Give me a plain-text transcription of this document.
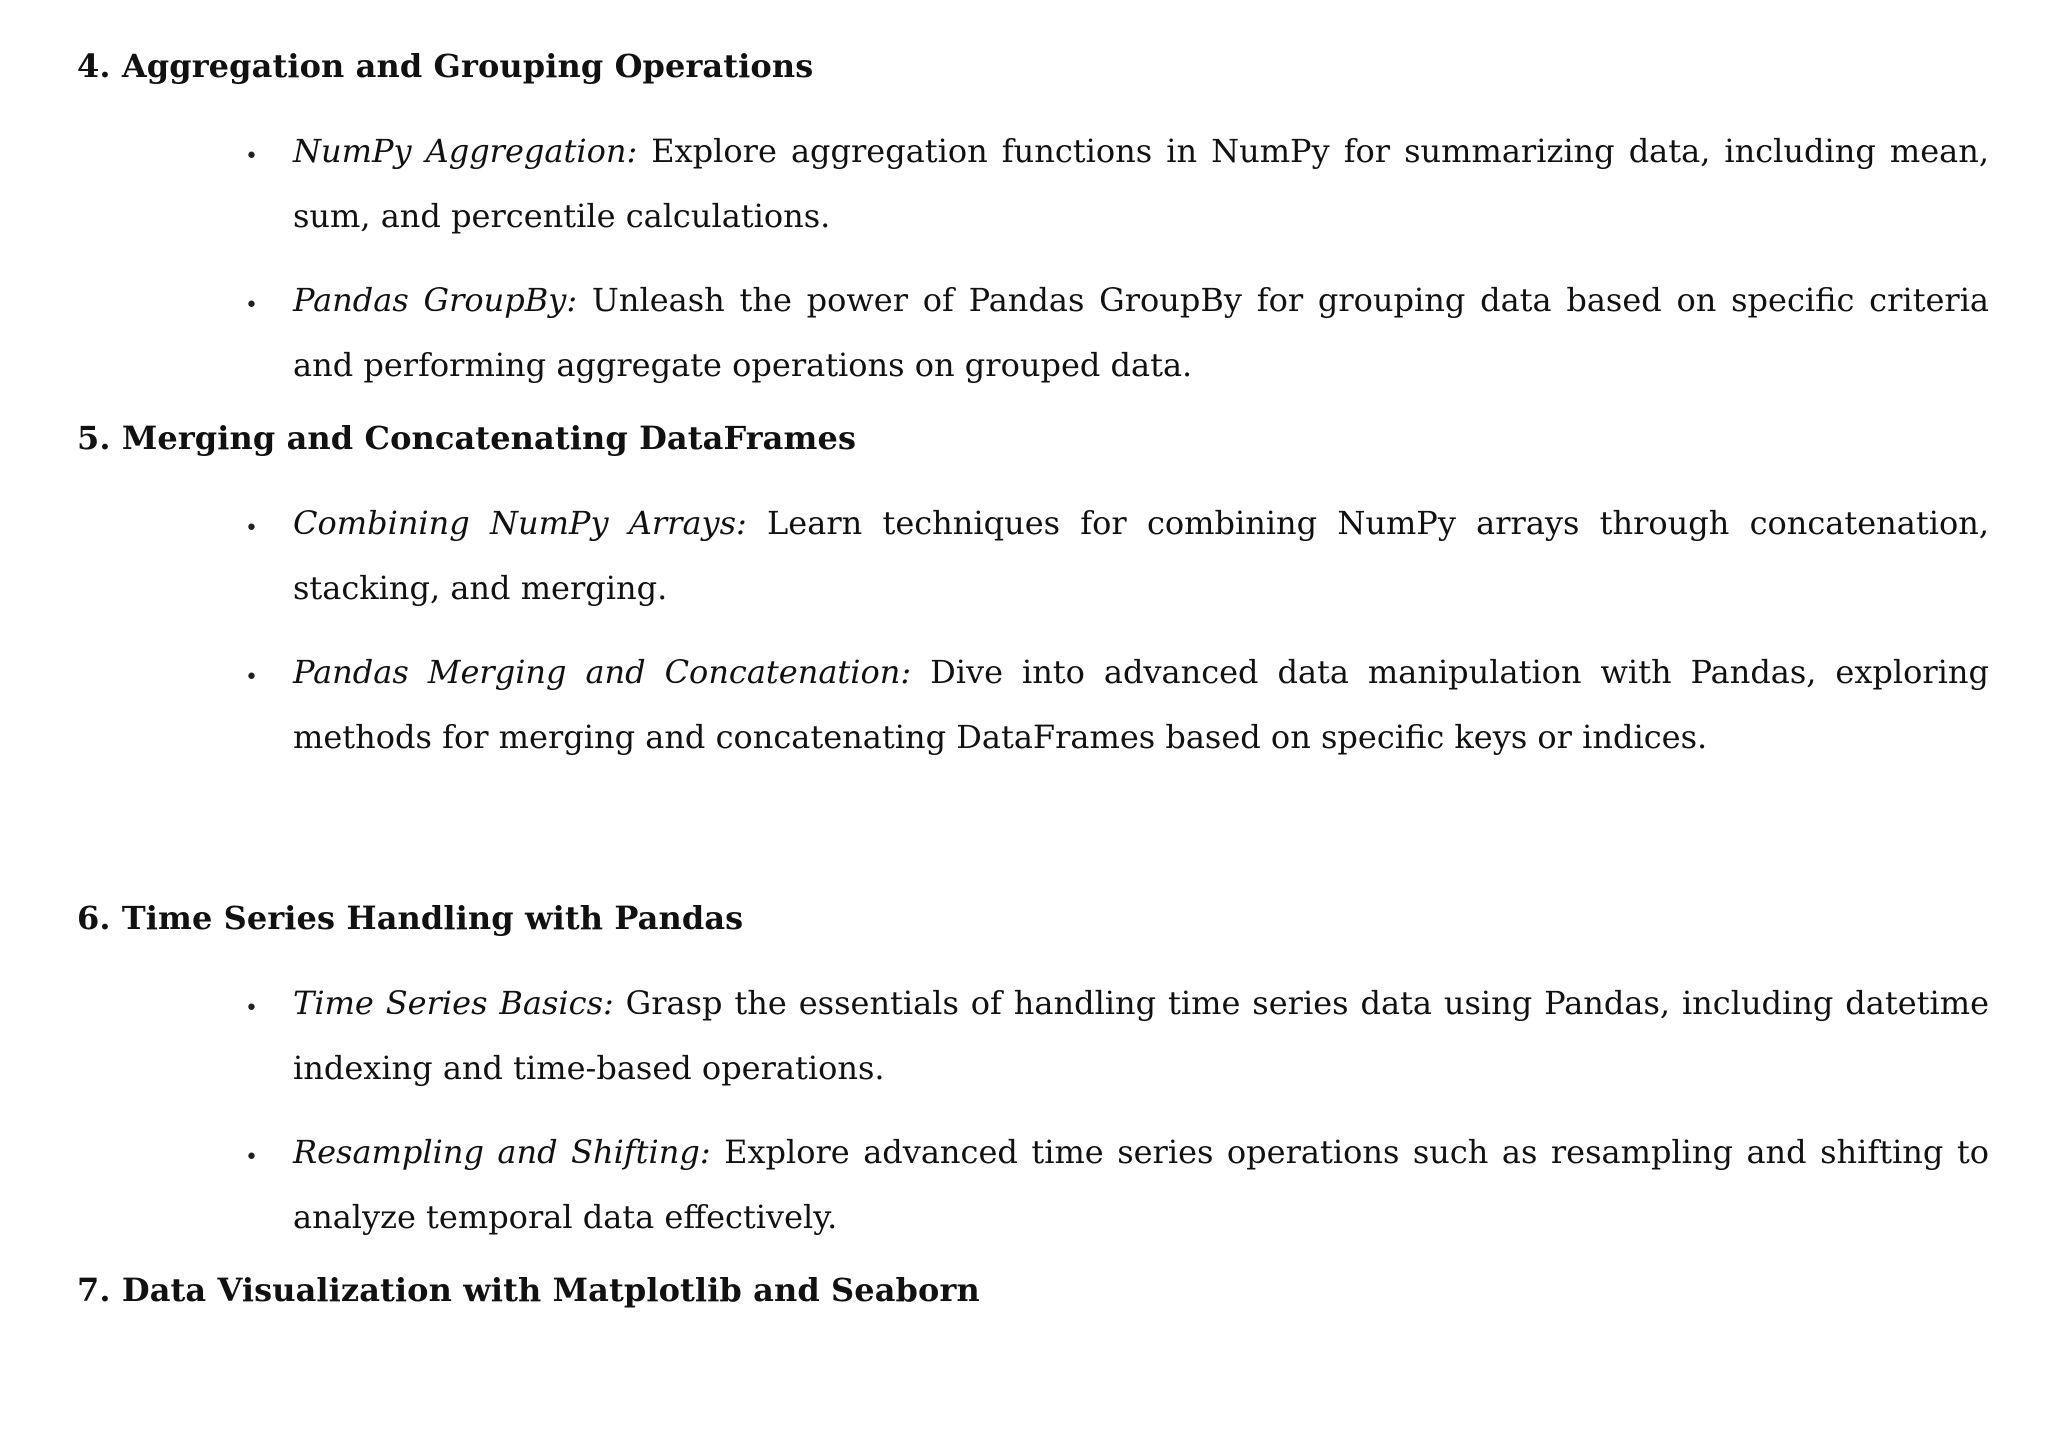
4. Aggregation and Grouping Operations
• NumPy Aggregation: Explore aggregation functions in NumPy for summarizing data, including mean, sum, and percentile calculations.

• Pandas GroupBy: Unleash the power of Pandas GroupBy for grouping data based on specific criteria and performing aggregate operations on grouped data.

5. Merging and Concatenating DataFrames
• Combining NumPy Arrays: Learn techniques for combining NumPy arrays through concatenation, stacking, and merging.

• Pandas Merging and Concatenation: Dive into advanced data manipulation with Pandas, exploring methods for merging and concatenating DataFrames based on specific keys or indices.

6. Time Series Handling with Pandas
• Time Series Basics: Grasp the essentials of handling time series data using Pandas, including datetime indexing and time-based operations.

• Resampling and Shifting: Explore advanced time series operations such as resampling and shifting to analyze temporal data effectively.

7. Data Visualization with Matplotlib and Seaborn
